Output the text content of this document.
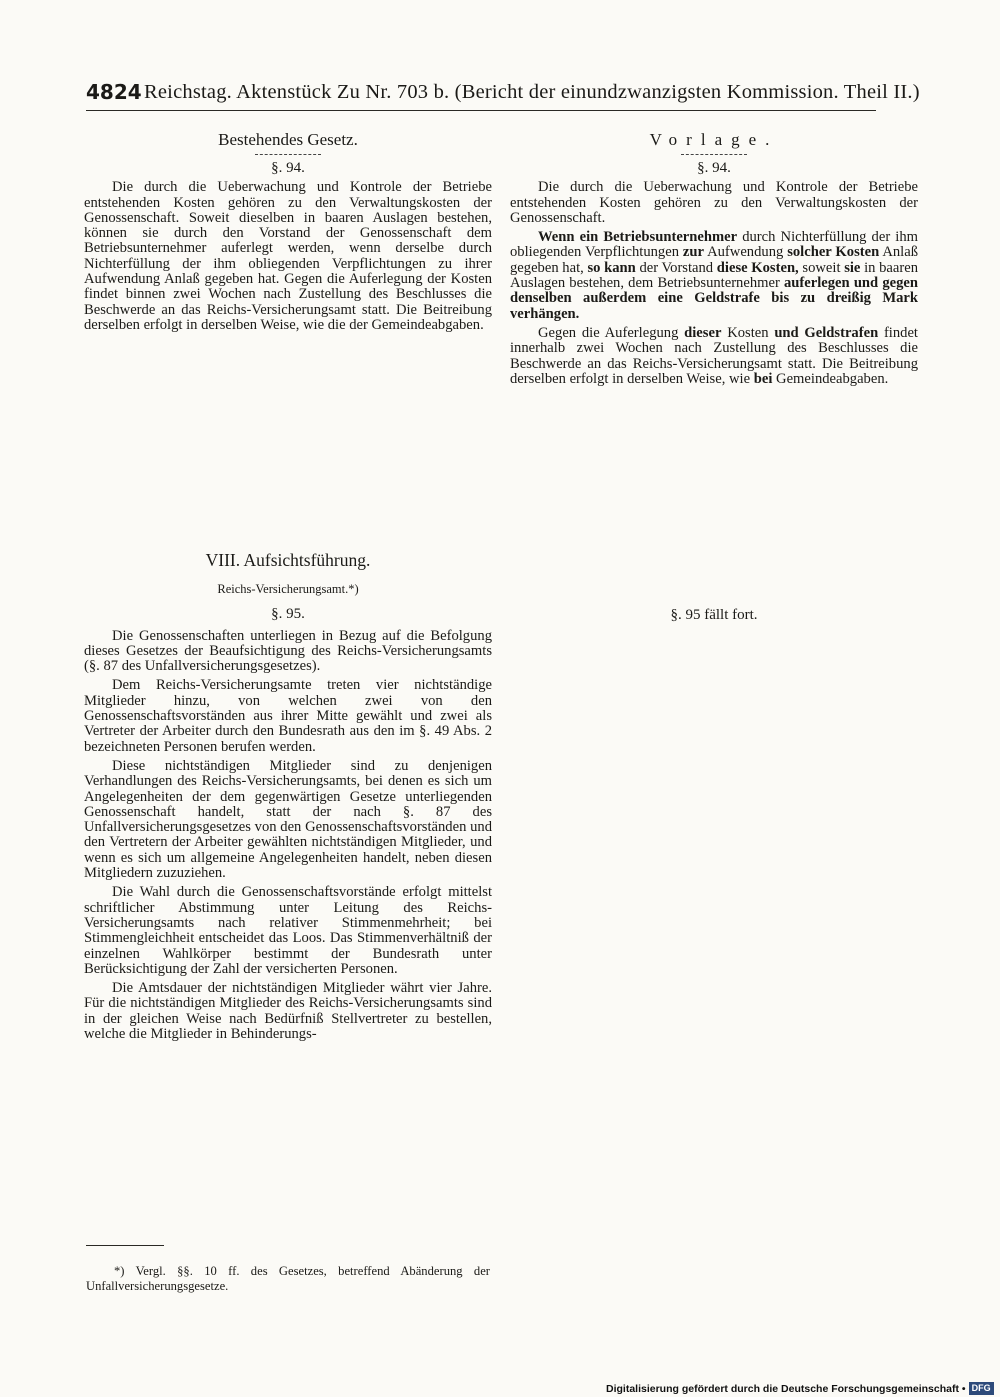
4824 Reichstag. Aktenstück Zu Nr. 703 b. (Bericht der einundzwanzigsten Kommission. Theil II.)
Bestehendes Gesetz.
§. 94.

Die durch die Ueberwachung und Kontrole der Betriebe entstehenden Kosten gehören zu den Verwaltungskosten der Genossenschaft. Soweit dieselben in baaren Auslagen bestehen, können sie durch den Vorstand der Genossenschaft dem Betriebsunternehmer auferlegt werden, wenn derselbe durch Nichterfüllung der ihm obliegenden Verpflichtungen zu ihrer Aufwendung Anlaß gegeben hat. Gegen die Auferlegung der Kosten findet binnen zwei Wochen nach Zustellung des Beschlusses die Beschwerde an das Reichs-Versicherungsamt statt. Die Beitreibung derselben erfolgt in derselben Weise, wie die der Gemeindeabgaben.

Vorlage.
§. 94.

Die durch die Ueberwachung und Kontrole der Betriebe entstehenden Kosten gehören zu den Verwaltungskosten der Genossenschaft.

Wenn ein Betriebsunternehmer durch Nichterfüllung der ihm obliegenden Verpflichtungen zur Aufwendung solcher Kosten Anlaß gegeben hat, so kann der Vorstand diese Kosten, soweit sie in baaren Auslagen bestehen, dem Betriebsunternehmer auferlegen und gegen denselben außerdem eine Geldstrafe bis zu dreißig Mark verhängen.

Gegen die Auferlegung dieser Kosten und Geldstrafen findet innerhalb zwei Wochen nach Zustellung des Beschlusses die Beschwerde an das Reichs-Versicherungsamt statt. Die Beitreibung derselben erfolgt in derselben Weise, wie bei Gemeindeabgaben.

VIII. Aufsichtsführung.
Reichs-Versicherungsamt.*)
§. 95.

Die Genossenschaften unterliegen in Bezug auf die Befolgung dieses Gesetzes der Beaufsichtigung des Reichs-Versicherungsamts (§. 87 des Unfallversicherungsgesetzes).

Dem Reichs-Versicherungsamte treten vier nichtständige Mitglieder hinzu, von welchen zwei von den Genossenschaftsvorständen aus ihrer Mitte gewählt und zwei als Vertreter der Arbeiter durch den Bundesrath aus den im §. 49 Abs. 2 bezeichneten Personen berufen werden.

Diese nichtständigen Mitglieder sind zu denjenigen Verhandlungen des Reichs-Versicherungsamts, bei denen es sich um Angelegenheiten der dem gegenwärtigen Gesetze unterliegenden Genossenschaft handelt, statt der nach §. 87 des Unfallversicherungsgesetzes von den Genossenschaftsvorständen und den Vertretern der Arbeiter gewählten nichtständigen Mitglieder, und wenn es sich um allgemeine Angelegenheiten handelt, neben diesen Mitgliedern zuzuziehen.

Die Wahl durch die Genossenschaftsvorstände erfolgt mittelst schriftlicher Abstimmung unter Leitung des Reichs-Versicherungsamts nach relativer Stimmenmehrheit; bei Stimmengleichheit entscheidet das Loos. Das Stimmenverhältniß der einzelnen Wahlkörper bestimmt der Bundesrath unter Berücksichtigung der Zahl der versicherten Personen.

Die Amtsdauer der nichtständigen Mitglieder währt vier Jahre. Für die nichtständigen Mitglieder des Reichs-Versicherungsamts sind in der gleichen Weise nach Bedürfniß Stellvertreter zu bestellen, welche die Mitglieder in Behinderungs-

§. 95 fällt fort.
*) Vergl. §§. 10 ff. des Gesetzes, betreffend Abänderung der Unfallversicherungsgesetze.
Digitalisierung gefördert durch die Deutsche Forschungsgemeinschaft • DFG
